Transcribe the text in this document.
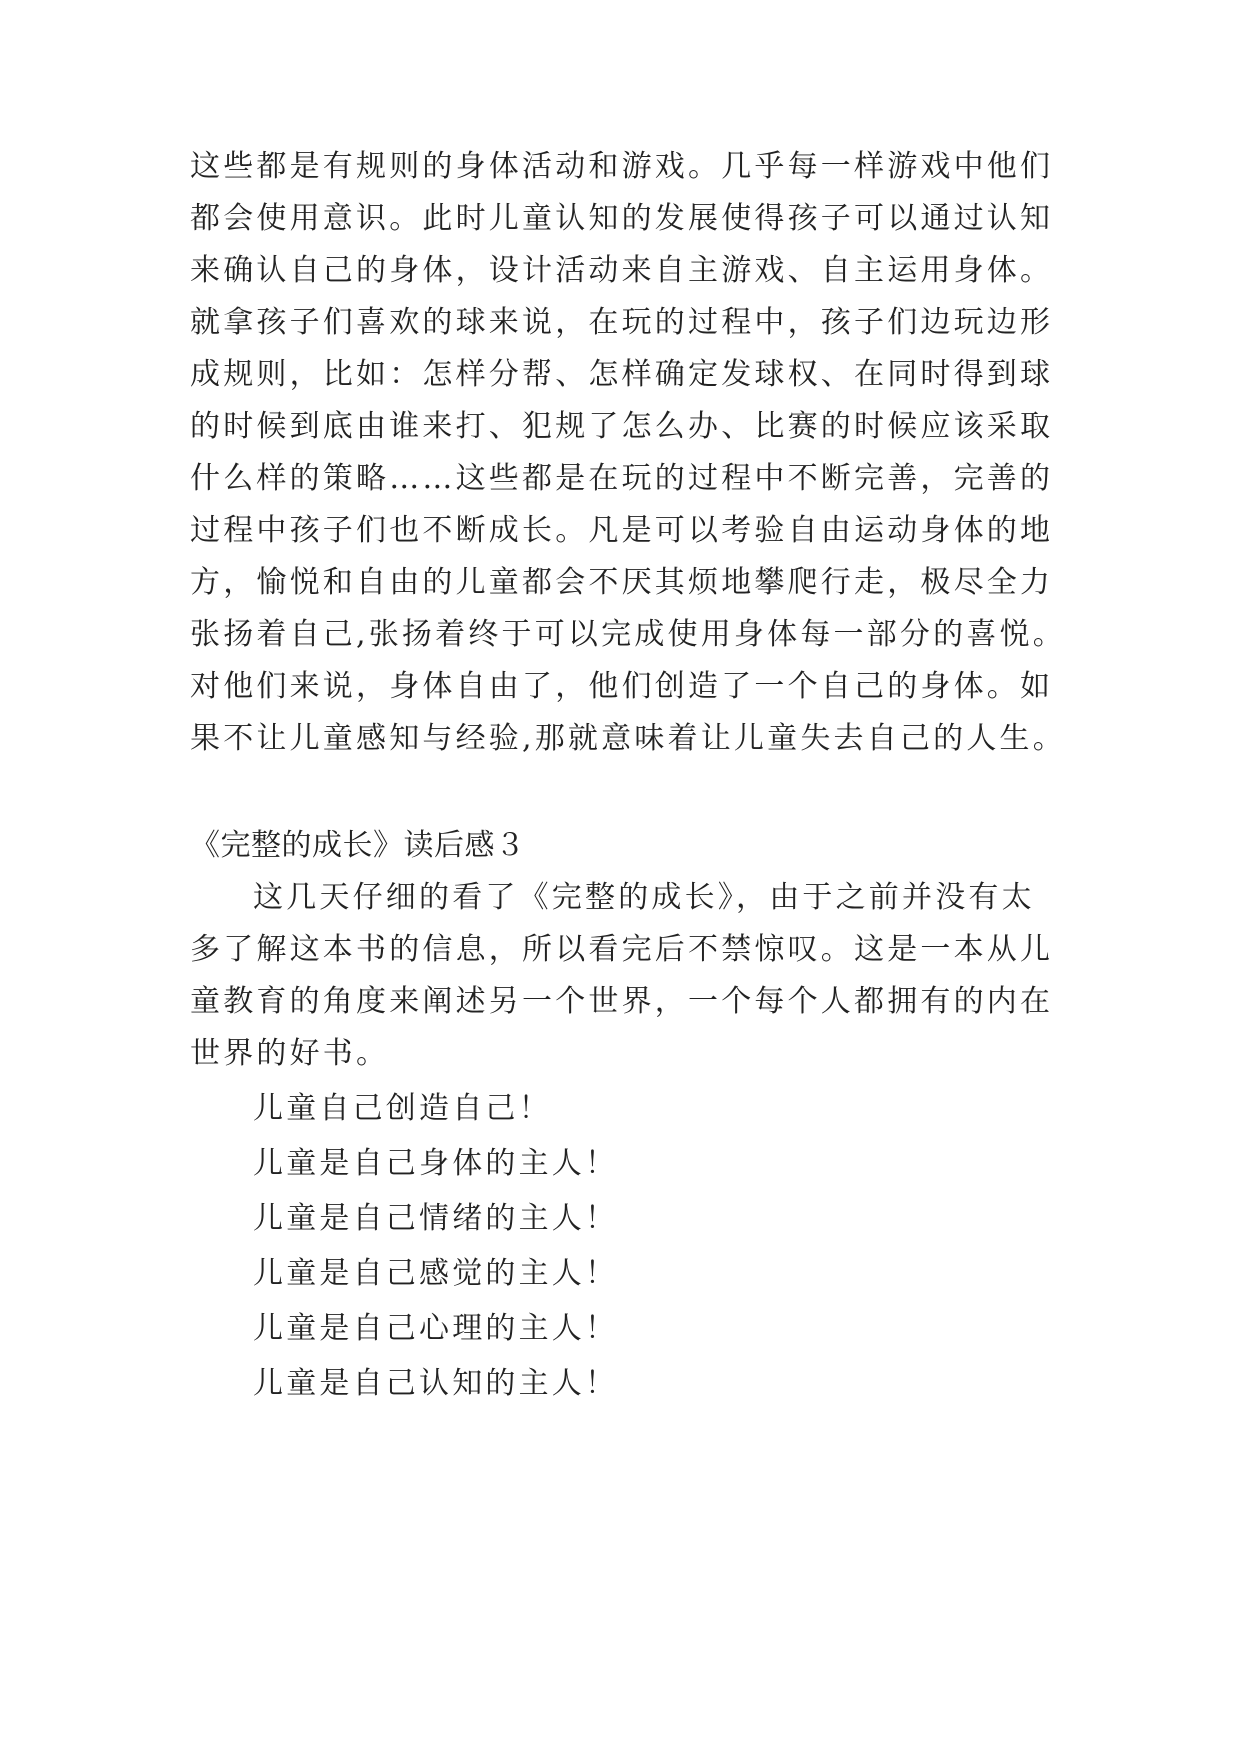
这些都是有规则的身体活动和游戏。几乎每一样游戏中他们
都会使用意识。此时儿童认知的发展使得孩子可以通过认知
来确认自己的身体，设计活动来自主游戏、自主运用身体。
就拿孩子们喜欢的球来说，在玩的过程中，孩子们边玩边形
成规则，比如：怎样分帮、怎样确定发球权、在同时得到球
的时候到底由谁来打、犯规了怎么办、比赛的时候应该采取
什么样的策略……这些都是在玩的过程中不断完善，完善的
过程中孩子们也不断成长。凡是可以考验自由运动身体的地
方，愉悦和自由的儿童都会不厌其烦地攀爬行走，极尽全力
张扬着自己,张扬着终于可以完成使用身体每一部分的喜悦。
对他们来说，身体自由了，他们创造了一个自己的身体。如
果不让儿童感知与经验,那就意味着让儿童失去自己的人生。
《完整的成长》读后感３
这几天仔细的看了《完整的成长》，由于之前并没有太
多了解这本书的信息，所以看完后不禁惊叹。这是一本从儿
童教育的角度来阐述另一个世界，一个每个人都拥有的内在
世界的好书。
儿童自己创造自己！
儿童是自己身体的主人！
儿童是自己情绪的主人！
儿童是自己感觉的主人！
儿童是自己心理的主人！
儿童是自己认知的主人！
